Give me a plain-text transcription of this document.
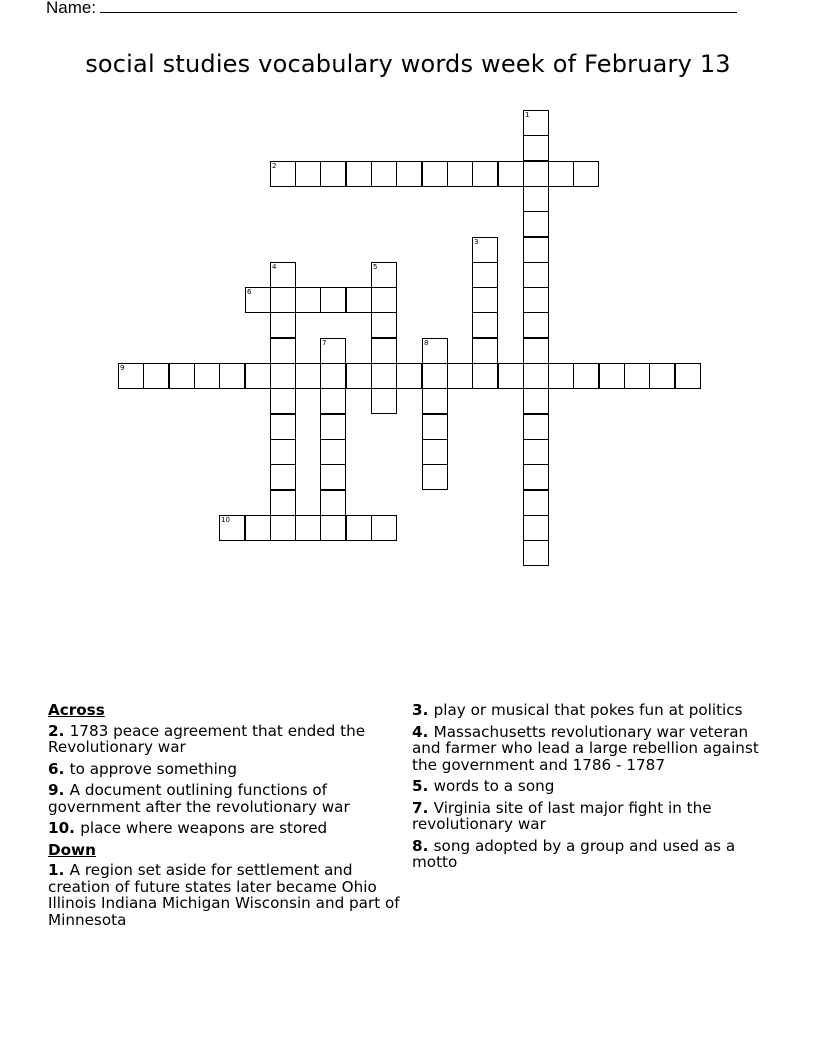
Name:
social studies vocabulary words week of February 13
1
2
3
4	5
6
7	8
9
10
Across
2. 1783 peace agreement that ended the Revolutionary war
6. to approve something
9. A document outlining functions of government after the revolutionary war
10. place where weapons are stored
Down
1. A region set aside for settlement and creation of future states later became Ohio Illinois Indiana Michigan Wisconsin and part of Minnesota
3. play or musical that pokes fun at politics
4. Massachusetts revolutionary war veteran and farmer who lead a large rebellion against the government and 1786 - 1787
5. words to a song
7. Virginia site of last major fight in the revolutionary war
8. song adopted by a group and used as a motto
